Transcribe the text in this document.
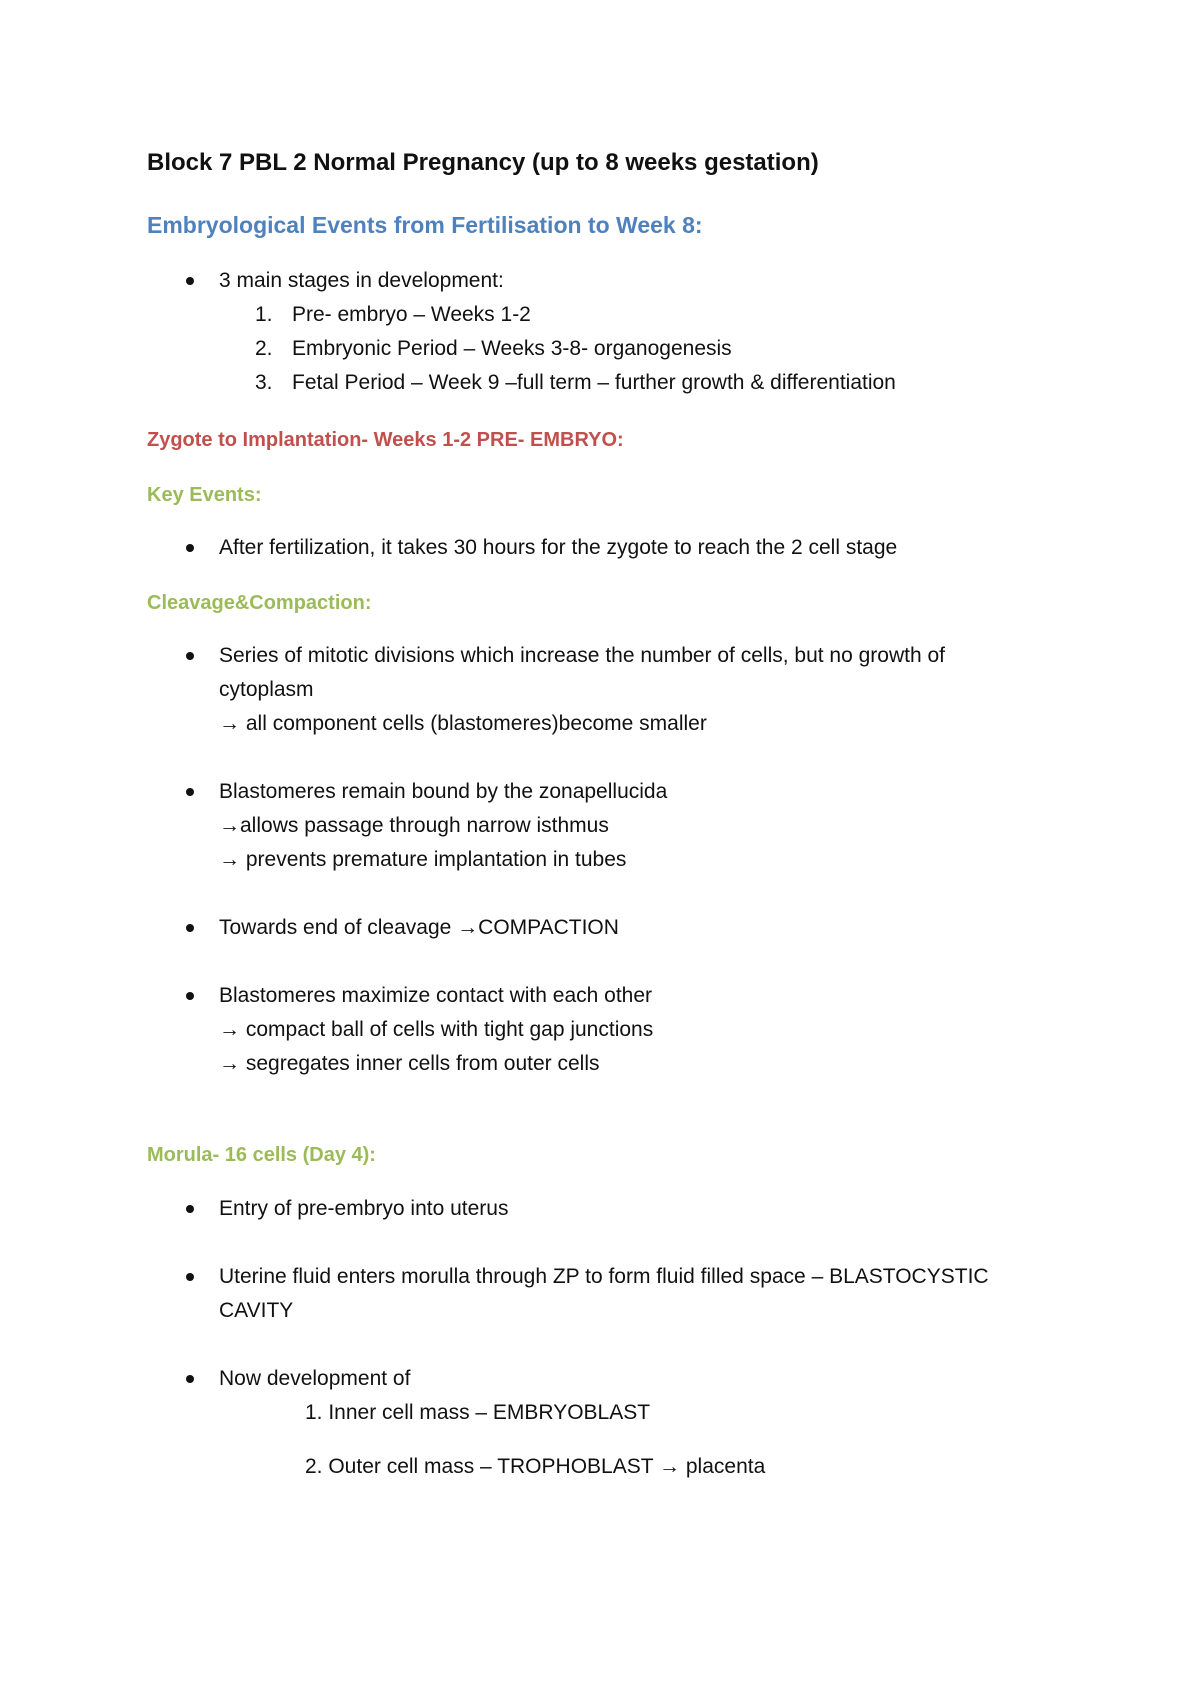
Block 7 PBL 2 Normal Pregnancy (up to 8 weeks gestation)
Embryological Events from Fertilisation to Week 8:
3 main stages in development:
1. Pre- embryo – Weeks 1-2
2. Embryonic Period – Weeks 3-8- organogenesis
3. Fetal Period – Week 9 –full term – further growth & differentiation
Zygote to Implantation- Weeks 1-2 PRE- EMBRYO:
Key Events:
After fertilization, it takes 30 hours for the zygote to reach the 2 cell stage
Cleavage&Compaction:
Series of mitotic divisions which increase the number of cells, but no growth of
cytoplasm
→ all component cells (blastomeres)become smaller
Blastomeres remain bound by the zonapellucida
→allows passage through narrow isthmus
→ prevents premature implantation in tubes
Towards end of cleavage →COMPACTION
Blastomeres maximize contact with each other
→ compact ball of cells with tight gap junctions
→ segregates inner cells from outer cells
Morula- 16 cells (Day 4):
Entry of pre-embryo into uterus
Uterine fluid enters morulla through ZP to form fluid filled space – BLASTOCYSTIC
CAVITY
Now development of
1. Inner cell mass – EMBRYOBLAST
2. Outer cell mass – TROPHOBLAST → placenta
